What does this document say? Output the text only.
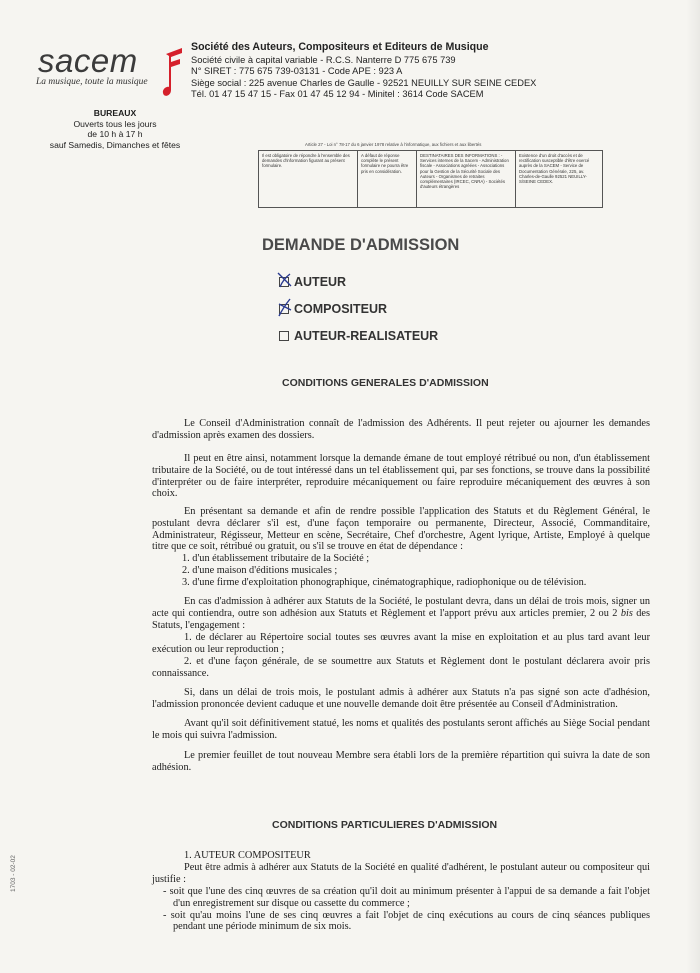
sacem
La musique, toute la musique
Société des Auteurs, Compositeurs et Editeurs de Musique
Société civile à capital variable - R.C.S. Nanterre D 775 675 739
N° SIRET : 775 675 739-03131 - Code APE : 923 A
Siège social : 225 avenue Charles de Gaulle - 92521 NEUILLY SUR SEINE CEDEX
Tél. 01 47 15 47 15 - Fax 01 47 45 12 94 - Minitel : 3614 Code SACEM
BUREAUX
Ouverts tous les jours
de 10 h à 17 h
sauf Samedis, Dimanches et fêtes	Article 27 - Loi n° 78-17 du 6 janvier 1978 relative à l'informatique, aux fichiers et aux libertés
Il est obligatoire de répondre à l'ensemble des demandes d'information figurant au présent formulaire.
A défaut de réponse complète le présent formulaire ne pourra être pris en considération.
DESTINATAIRES DES INFORMATIONS : - Services internes de la Sacem - Administration fiscale - Associations agréées - Associations pour la Gestion de la Sécurité Sociale des Auteurs - Organismes de retraites complémentaires (IRCEC, CNRA) - Sociétés d'auteurs étrangères
Existence d'un droit d'accès et de rectification susceptible d'être exercé auprès de la SACEM - Service de Documentation Générale, 225, av. Charles-de-Gaulle 92521 NEUILLY-S/SEINE CEDEX.
DEMANDE D'ADMISSION
AUTEUR
COMPOSITEUR
AUTEUR-REALISATEUR
CONDITIONS GENERALES D'ADMISSION

Le Conseil d'Administration connaît de l'admission des Adhérents. Il peut rejeter ou ajourner les demandes d'admission après examen des dossiers.

Il peut en être ainsi, notamment lorsque la demande émane de tout employé rétribué ou non, d'un établissement tributaire de la Société, ou de tout intéressé dans un tel établissement qui, par ses fonctions, se trouve dans la possibilité d'interpréter ou de faire interpréter, reproduire mécaniquement ou faire reproduire mécaniquement des œuvres à son choix.

En présentant sa demande et afin de rendre possible l'application des Statuts et du Règlement Général, le postulant devra déclarer s'il est, d'une façon temporaire ou permanente, Directeur, Associé, Commanditaire, Administrateur, Régisseur, Metteur en scène, Secrétaire, Chef d'orchestre, Agent lyrique, Artiste, Employé à quelque titre que ce soit, rétribué ou gratuit, ou s'il se trouve en état de dépendance :

1. d'un établissement tributaire de la Société ;
2. d'une maison d'éditions musicales ;
3. d'une firme d'exploitation phonographique, cinématographique, radiophonique ou de télévision.

En cas d'admission à adhérer aux Statuts de la Société, le postulant devra, dans un délai de trois mois, signer un acte qui contiendra, outre son adhésion aux Statuts et Règlement et l'apport prévu aux articles premier, 2 ou 2 bis des Statuts, l'engagement :

1. de déclarer au Répertoire social toutes ses œuvres avant la mise en exploitation et au plus tard avant leur exécution ou leur reproduction ;

2. et d'une façon générale, de se soumettre aux Statuts et Règlement dont le postulant déclarera avoir pris connaissance.

Si, dans un délai de trois mois, le postulant admis à adhérer aux Statuts n'a pas signé son acte d'adhésion, l'admission prononcée devient caduque et une nouvelle demande doit être présentée au Conseil d'Administration.

Avant qu'il soit définitivement statué, les noms et qualités des postulants seront affichés au Siège Social pendant le mois qui suivra l'admission.

Le premier feuillet de tout nouveau Membre sera établi lors de la première répartition qui suivra la date de son adhésion.

CONDITIONS PARTICULIERES D'ADMISSION
1. AUTEUR COMPOSITEUR

Peut être admis à adhérer aux Statuts de la Société en qualité d'adhérent, le postulant auteur ou compositeur qui justifie :

- soit que l'une des cinq œuvres de sa création qu'il doit au minimum présenter à l'appui de sa demande a fait l'objet d'un enregistrement sur disque ou cassette du commerce ;
- soit qu'au moins l'une de ses cinq œuvres a fait l'objet de cinq exécutions au cours de cinq séances publiques pendant une période minimum de six mois.
1703 - 02-02
